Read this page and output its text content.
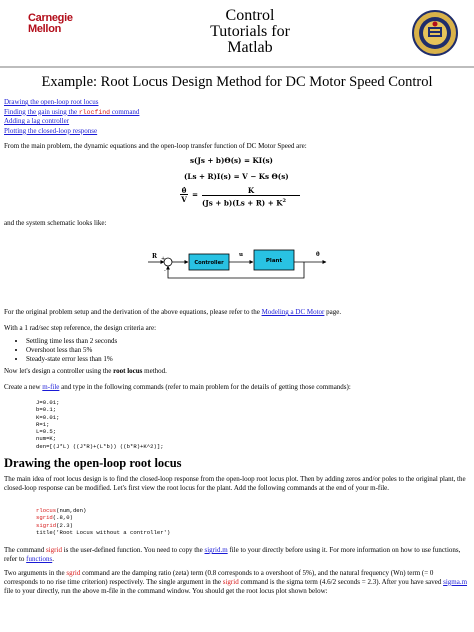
Carnegie
Mellon
Control
Tutorials for
Matlab
Example: Root Locus Design Method for DC Motor Speed Control
Drawing the open-loop root locus
Finding the gain using the rlocfind command
Adding a lag controller
Plotting the closed-loop response

From the main problem, the dynamic equations and the open-loop transfer function of DC Motor Speed are:

s(Js + b)Θ(s) = KI(s)
(Ls + R)I(s) = V − Ks Θ(s)
θ̇
V
=	K
$(Js + b)(Ls + R) + K^2$

and the system schematic looks like:

R +
-
Controller
u
Plant
θ̇

For the original problem setup and the derivation of the above equations, please refer to the Modeling a DC Motor page.

With a 1 rad/sec step reference, the design criteria are:

• Settling time less than 2 seconds
• Overshoot less than 5%
• Steady-state error less than 1%

Now let's design a controller using the root locus method.

Create a new m-file and type in the following commands (refer to main problem for the details of getting those commands):

J=0.01;
b=0.1;
K=0.01;
R=1;
L=0.5;
num=K;
den=[(J*L) ((J*R)+(L*b)) ((b*R)+K^2)];
Drawing the open-loop root locus

The main idea of root locus design is to find the closed-loop response from the open-loop root locus plot. Then by adding zeros and/or poles to the original plant, the closed-loop response can be modified. Let's first view the root locus for the plant. Add the following commands at the end of your m-file.

rlocus(num,den)
sgrid(.8,0)
sigrid(2.3)
title('Root Locus without a controller')

The command sigrid is the user-defined function. You need to copy the sigrid.m file to your directly before using it. For more information on how to use functions, refer to functions.

Two arguments in the sgrid command are the damping ratio (zeta) term (0.8 corresponds to a overshoot of 5%), and the natural frequency (Wn) term (= 0 corresponds to no rise time criterion) respectively. The single argument in the sigrid command is the sigma term (4.6/2 seconds = 2.3). After you have saved sigma.m file to your directly, run the above m-file in the command window. You should get the root locus plot shown below:
